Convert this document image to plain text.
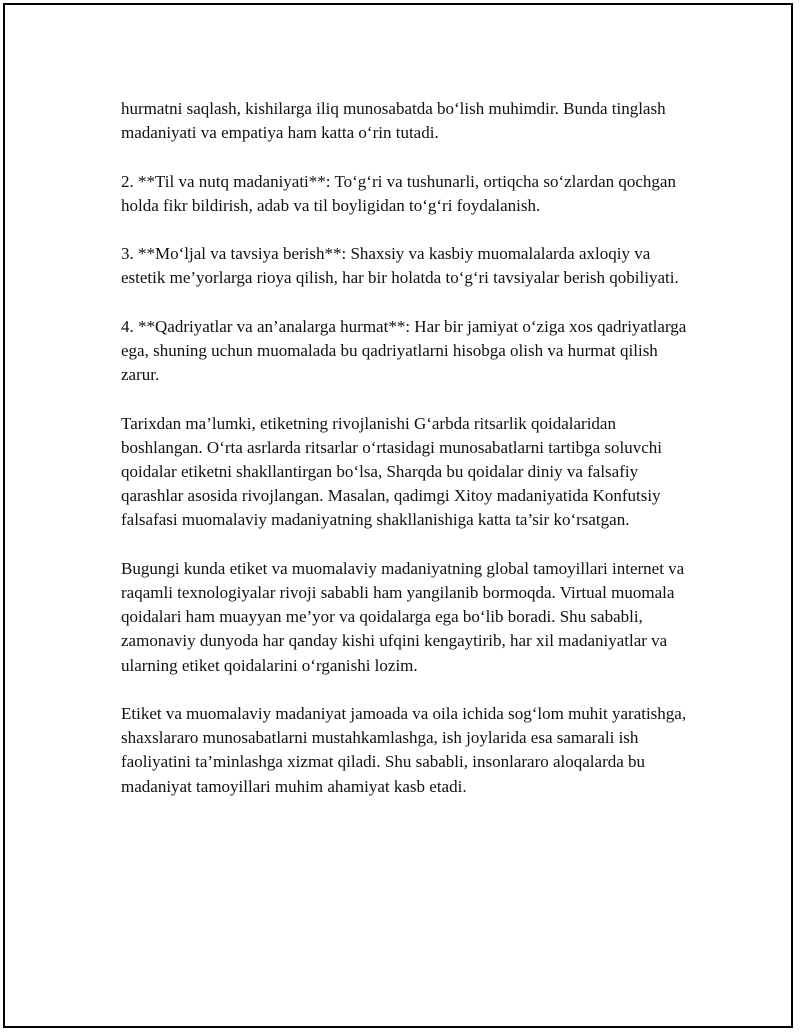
hurmatni saqlash, kishilarga iliq munosabatda bo‘lish muhimdir. Bunda tinglash madaniyati va empatiya ham katta o‘rin tutadi.

2. **Til va nutq madaniyati**: To‘g‘ri va tushunarli, ortiqcha so‘zlardan qochgan holda fikr bildirish, adab va til boyligidan to‘g‘ri foydalanish.

3. **Mo‘ljal va tavsiya berish**: Shaxsiy va kasbiy muomalalarda axloqiy va estetik me’yorlarga rioya qilish, har bir holatda to‘g‘ri tavsiyalar berish qobiliyati.

4. **Qadriyatlar va an’analarga hurmat**: Har bir jamiyat o‘ziga xos qadriyatlarga ega, shuning uchun muomalada bu qadriyatlarni hisobga olish va hurmat qilish zarur.

Tarixdan ma’lumki, etiketning rivojlanishi G‘arbda ritsarlik qoidalaridan boshlangan. O‘rta asrlarda ritsarlar o‘rtasidagi munosabatlarni tartibga soluvchi qoidalar etiketni shakllantirgan bo‘lsa, Sharqda bu qoidalar diniy va falsafiy qarashlar asosida rivojlangan. Masalan, qadimgi Xitoy madaniyatida Konfutsiy falsafasi muomalaviy madaniyatning shakllanishiga katta ta’sir ko‘rsatgan.

Bugungi kunda etiket va muomalaviy madaniyatning global tamoyillari internet va raqamli texnologiyalar rivoji sababli ham yangilanib bormoqda. Virtual muomala qoidalari ham muayyan me’yor va qoidalarga ega bo‘lib boradi. Shu sababli, zamonaviy dunyoda har qanday kishi ufqini kengaytirib, har xil madaniyatlar va ularning etiket qoidalarini o‘rganishi lozim.

Etiket va muomalaviy madaniyat jamoada va oila ichida sog‘lom muhit yaratishga, shaxslararo munosabatlarni mustahkamlashga, ish joylarida esa samarali ish faoliyatini ta’minlashga xizmat qiladi. Shu sababli, insonlararo aloqalarda bu madaniyat tamoyillari muhim ahamiyat kasb etadi.
